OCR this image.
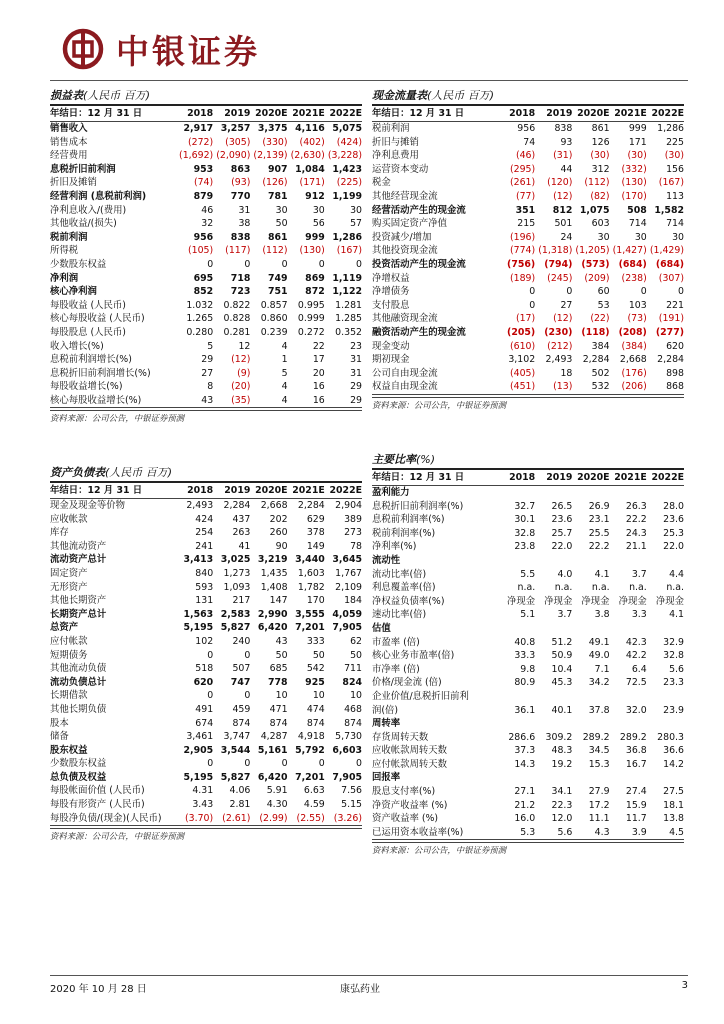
中银证券
损益表(人民币 百万)
年结日：12 月 31 日	2018	2019	2020E	2021E	2022E
销售收入	2,917	3,257	3,375	4,116	5,075
销售成本	(272)	(305)	(330)	(402)	(424)
经营费用	(1,692)	(2,090)	(2,139)	(2,630)	(3,228)
息税折旧前利润	953	863	907	1,084	1,423
折旧及摊销	(74)	(93)	(126)	(171)	(225)
经营利润 (息税前利润)	879	770	781	912	1,199
净利息收入/(费用)	46	31	30	30	30
其他收益/(损失)	32	38	50	56	57
税前利润	956	838	861	999	1,286
所得税	(105)	(117)	(112)	(130)	(167)
少数股东权益	0	0	0	0	0
净利润	695	718	749	869	1,119
核心净利润	852	723	751	872	1,122
每股收益 (人民币)	1.032	0.822	0.857	0.995	1.281
核心每股收益 (人民币)	1.265	0.828	0.860	0.999	1.285
每股股息 (人民币)	0.280	0.281	0.239	0.272	0.352
收入增长(%)	5	12	4	22	23
息税前利润增长(%)	29	(12)	1	17	31
息税折旧前利润增长(%)	27	(9)	5	20	31
每股收益增长(%)	8	(20)	4	16	29
核心每股收益增长(%)	43	(35)	4	16	29
资料来源：公司公告，中银证券预测
现金流量表(人民币 百万)
年结日：12 月 31 日	2018	2019	2020E	2021E	2022E
税前利润	956	838	861	999	1,286
折旧与摊销	74	93	126	171	225
净利息费用	(46)	(31)	(30)	(30)	(30)
运营资本变动	(295)	44	312	(332)	156
税金	(261)	(120)	(112)	(130)	(167)
其他经营现金流	(77)	(12)	(82)	(170)	113
经营活动产生的现金流	351	812	1,075	508	1,582
购买固定资产净值	215	501	603	714	714
投资减少/增加	(196)	24	30	30	30
其他投资现金流	(774)	(1,318)	(1,205)	(1,427)	(1,429)
投资活动产生的现金流	(756)	(794)	(573)	(684)	(684)
净增权益	(189)	(245)	(209)	(238)	(307)
净增债务	0	0	60	0	0
支付股息	0	27	53	103	221
其他融资现金流	(17)	(12)	(22)	(73)	(191)
融资活动产生的现金流	(205)	(230)	(118)	(208)	(277)
现金变动	(610)	(212)	384	(384)	620
期初现金	3,102	2,493	2,284	2,668	2,284
公司自由现金流	(405)	18	502	(176)	898
权益自由现金流	(451)	(13)	532	(206)	868
资料来源：公司公告，中银证券预测
资产负债表(人民币 百万)
年结日：12 月 31 日	2018	2019	2020E	2021E	2022E
现金及现金等价物	2,493	2,284	2,668	2,284	2,904
应收帐款	424	437	202	629	389
库存	254	263	260	378	273
其他流动资产	241	41	90	149	78
流动资产总计	3,413	3,025	3,219	3,440	3,645
固定资产	840	1,273	1,435	1,603	1,767
无形资产	593	1,093	1,408	1,782	2,109
其他长期资产	131	217	147	170	184
长期资产总计	1,563	2,583	2,990	3,555	4,059
总资产	5,195	5,827	6,420	7,201	7,905
应付帐款	102	240	43	333	62
短期债务	0	0	50	50	50
其他流动负债	518	507	685	542	711
流动负债总计	620	747	778	925	824
长期借款	0	0	10	10	10
其他长期负债	491	459	471	474	468
股本	674	874	874	874	874
储备	3,461	3,747	4,287	4,918	5,730
股东权益	2,905	3,544	5,161	5,792	6,603
少数股东权益	0	0	0	0	0
总负债及权益	5,195	5,827	6,420	7,201	7,905
每股帐面价值 (人民币)	4.31	4.06	5.91	6.63	7.56
每股有形资产 (人民币)	3.43	2.81	4.30	4.59	5.15
每股净负债/(现金)(人民币)	(3.70)	(2.61)	(2.99)	(2.55)	(3.26)
资料来源：公司公告，中银证券预测
主要比率(%)
年结日：12 月 31 日	2018	2019	2020E	2021E	2022E
盈利能力					
息税折旧前利润率(%)	32.7	26.5	26.9	26.3	28.0
息税前利润率(%)	30.1	23.6	23.1	22.2	23.6
税前利润率(%)	32.8	25.7	25.5	24.3	25.3
净利率(%)	23.8	22.0	22.2	21.1	22.0
流动性					
流动比率(倍)	5.5	4.0	4.1	3.7	4.4
利息覆盖率(倍)	n.a.	n.a.	n.a.	n.a.	n.a.
净权益负债率(%)	净现金	净现金	净现金	净现金	净现金
速动比率(倍)	5.1	3.7	3.8	3.3	4.1
估值					
市盈率 (倍)	40.8	51.2	49.1	42.3	32.9
核心业务市盈率(倍)	33.3	50.9	49.0	42.2	32.8
市净率 (倍)	9.8	10.4	7.1	6.4	5.6
价格/现金流 (倍)	80.9	45.3	34.2	72.5	23.3
企业价值/息税折旧前利					
润(倍)	36.1	40.1	37.8	32.0	23.9
周转率					
存货周转天数	286.6	309.2	289.2	289.2	280.3
应收帐款周转天数	37.3	48.3	34.5	36.8	36.6
应付帐款周转天数	14.3	19.2	15.3	16.7	14.2
回报率					
股息支付率(%)	27.1	34.1	27.9	27.4	27.5
净资产收益率 (%)	21.2	22.3	17.2	15.9	18.1
资产收益率 (%)	16.0	12.0	11.1	11.7	13.8
已运用资本收益率(%)	5.3	5.6	4.3	3.9	4.5
资料来源：公司公告，中银证券预测
2020 年 10 月 28 日	康弘药业	3
